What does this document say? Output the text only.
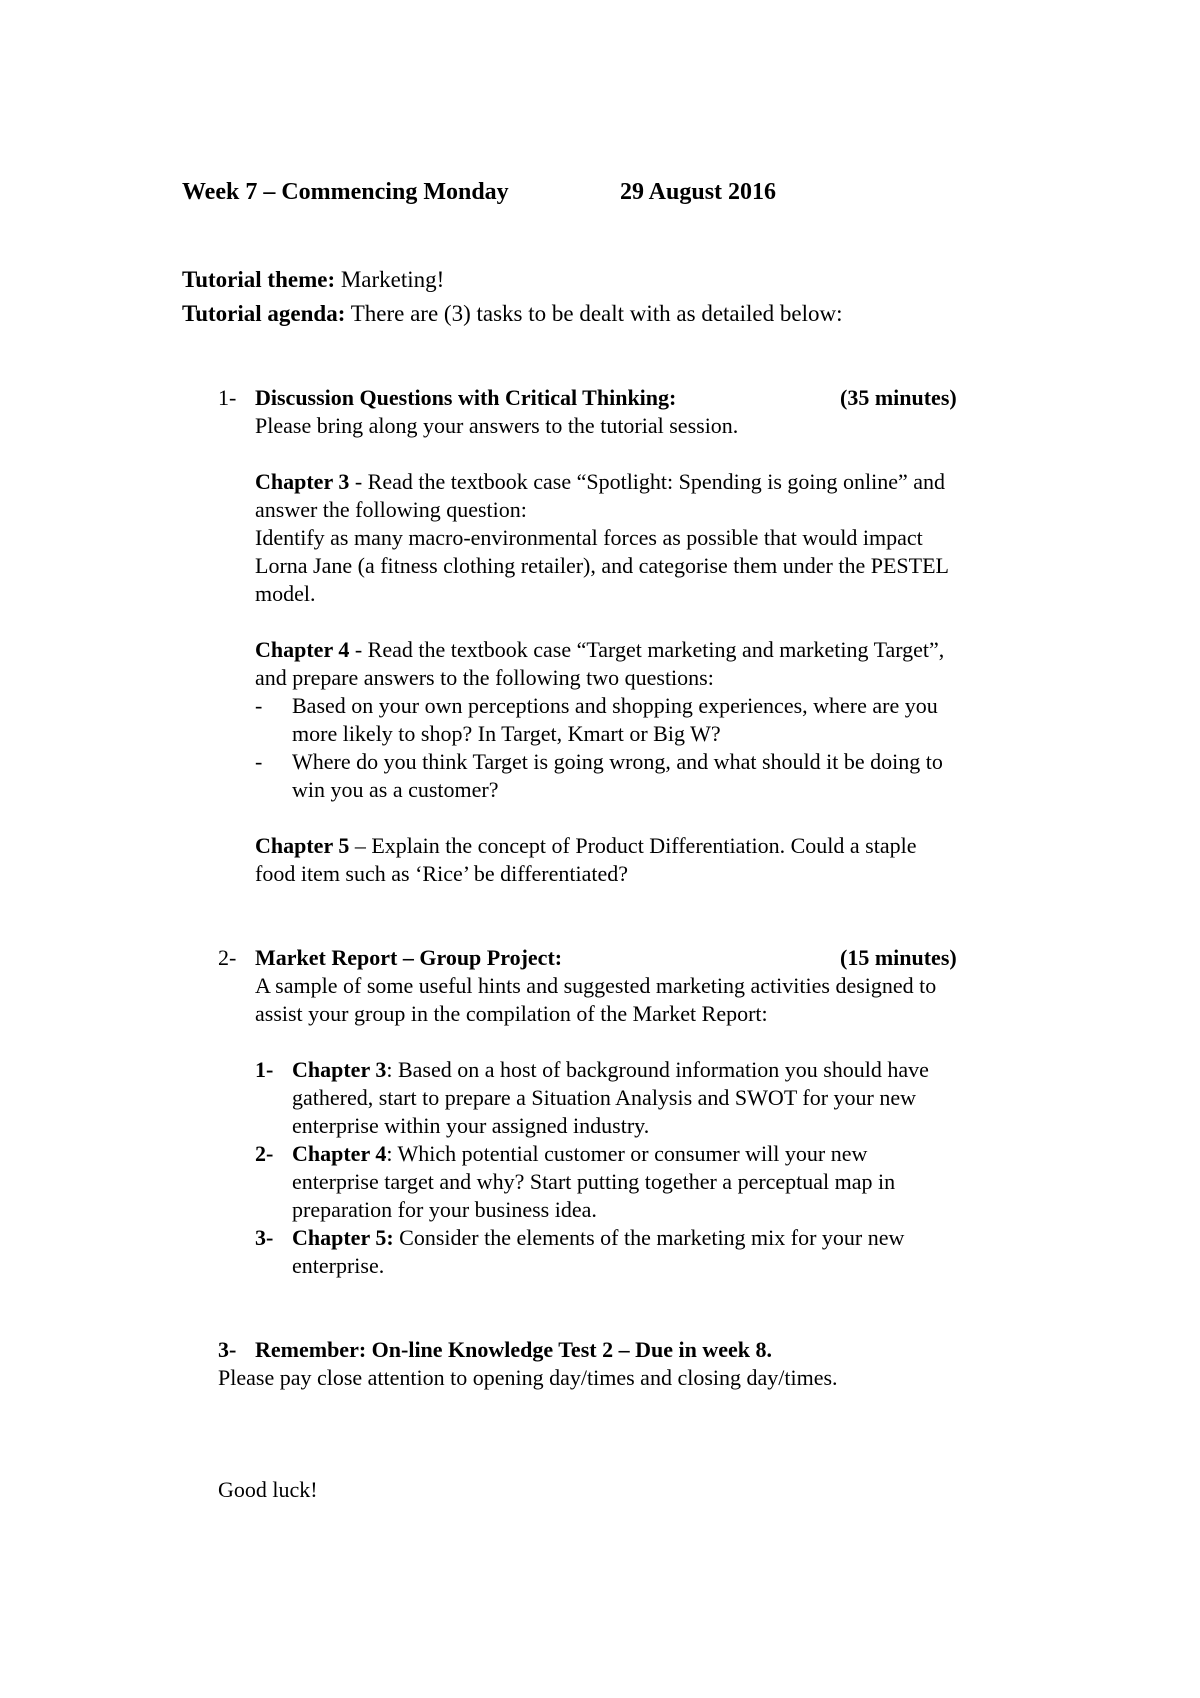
Week 7 – Commencing Monday	29 August 2016
Tutorial theme: Marketing!
Tutorial agenda: There are (3) tasks to be dealt with as detailed below:
1- Discussion Questions with Critical Thinking:	(35 minutes)
Please bring along your answers to the tutorial session.
Chapter 3 - Read the textbook case “Spotlight: Spending is going online” and
answer the following question:
Identify as many macro-environmental forces as possible that would impact
Lorna Jane (a fitness clothing retailer), and categorise them under the PESTEL
model.
Chapter 4 - Read the textbook case “Target marketing and marketing Target”,
and prepare answers to the following two questions:
- Based on your own perceptions and shopping experiences, where are you
more likely to shop? In Target, Kmart or Big W?
- Where do you think Target is going wrong, and what should it be doing to
win you as a customer?
Chapter 5 – Explain the concept of Product Differentiation. Could a staple
food item such as ‘Rice’ be differentiated?
2- Market Report – Group Project:	(15 minutes)
A sample of some useful hints and suggested marketing activities designed to
assist your group in the compilation of the Market Report:
1- Chapter 3: Based on a host of background information you should have
gathered, start to prepare a Situation Analysis and SWOT for your new
enterprise within your assigned industry.
2- Chapter 4: Which potential customer or consumer will your new
enterprise target and why? Start putting together a perceptual map in
preparation for your business idea.
3- Chapter 5: Consider the elements of the marketing mix for your new
enterprise.
3- Remember: On-line Knowledge Test 2 – Due in week 8.
Please pay close attention to opening day/times and closing day/times.
Good luck!
